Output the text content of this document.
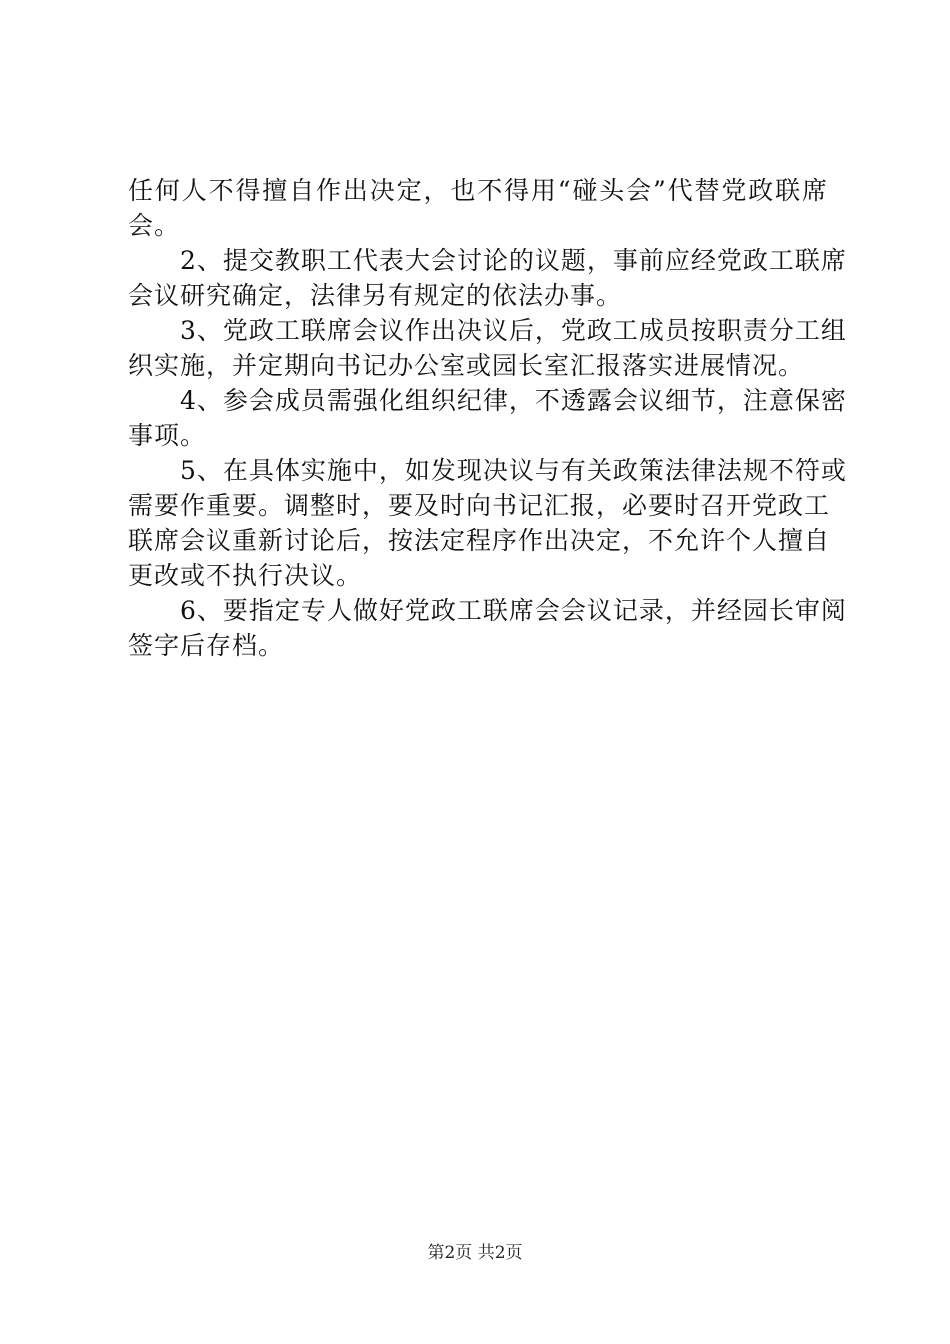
任何人不得擅自作出决定，也不得用“碰头会”代替党政联席
会。
　　2、提交教职工代表大会讨论的议题，事前应经党政工联席
会议研究确定，法律另有规定的依法办事。
　　3、党政工联席会议作出决议后，党政工成员按职责分工组
织实施，并定期向书记办公室或园长室汇报落实进展情况。
　　4、参会成员需强化组织纪律，不透露会议细节，注意保密
事项。
　　5、在具体实施中，如发现决议与有关政策法律法规不符或
需要作重要。调整时，要及时向书记汇报，必要时召开党政工
联席会议重新讨论后，按法定程序作出决定，不允许个人擅自
更改或不执行决议。
　　6、要指定专人做好党政工联席会会议记录，并经园长审阅
签字后存档。
第2页 共2页
